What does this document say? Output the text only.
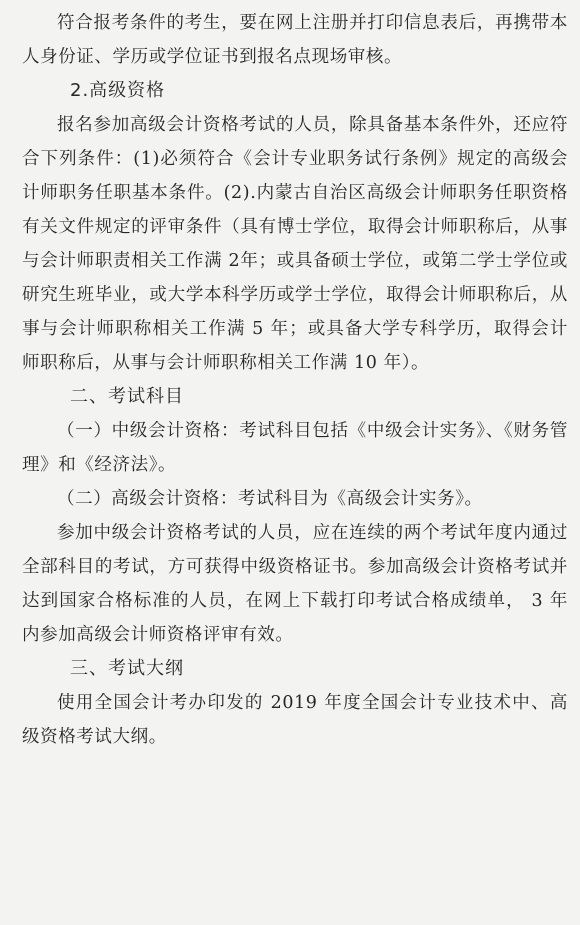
符合报考条件的考生，要在网上注册并打印信息表后，再携带本人身份证、学历或学位证书到报名点现场审核。

2.高级资格

报名参加高级会计资格考试的人员，除具备基本条件外，还应符合下列条件：(1)必须符合《会计专业职务试行条例》规定的高级会计师职务任职基本条件。(2).内蒙古自治区高级会计师职务任职资格有关文件规定的评审条件（具有博士学位，取得会计师职称后，从事与会计师职责相关工作满 2年；或具备硕士学位，或第二学士学位或研究生班毕业，或大学本科学历或学士学位，取得会计师职称后，从事与会计师职称相关工作满 5 年；或具备大学专科学历，取得会计师职称后，从事与会计师职称相关工作满 10 年）。

二、考试科目

（一）中级会计资格：考试科目包括《中级会计实务》、《财务管理》和《经济法》。

（二）高级会计资格：考试科目为《高级会计实务》。

参加中级会计资格考试的人员，应在连续的两个考试年度内通过全部科目的考试，方可获得中级资格证书。参加高级会计资格考试并达到国家合格标准的人员，在网上下载打印考试合格成绩单， 3 年内参加高级会计师资格评审有效。

三、考试大纲

使用全国会计考办印发的 2019 年度全国会计专业技术中、高级资格考试大纲。
